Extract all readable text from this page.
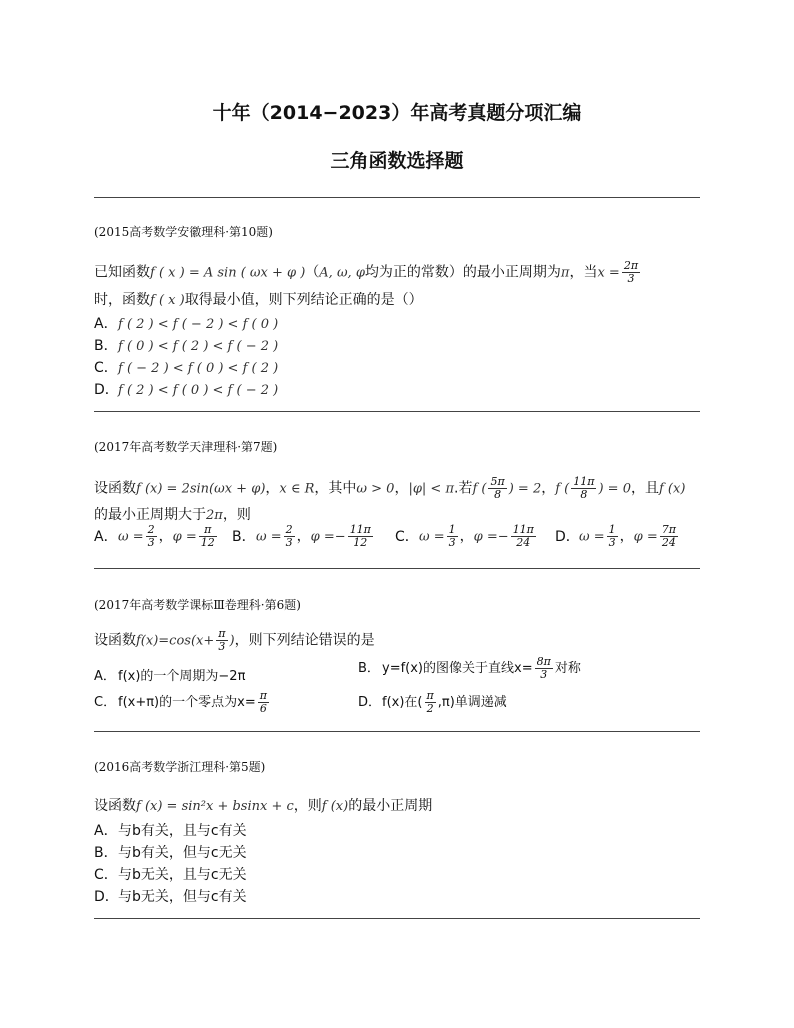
十年（2014−2023）年高考真题分项汇编
三角函数选择题
(2015高考数学安徽理科·第10题)
已知函数f ( x ) = A sin ( ωx + φ )（A, ω, φ均为正的常数）的最小正周期为π，当$x = \frac{2\pi}{3}$
时，函数f ( x )取得最小值，则下列结论正确的是（）
A．f ( 2 ) < f ( − 2 ) < f ( 0 )
B．f ( 0 ) < f ( 2 ) < f ( − 2 )
C．f ( − 2 ) < f ( 0 ) < f ( 2 )
D．f ( 2 ) < f ( 0 ) < f ( − 2 )
(2017年高考数学天津理科·第7题)
设函数f (x) = 2sin(ωx + φ)，x ∈ R，其中ω > 0，|φ| < π.若f ( $\frac{5\pi}{8}$ ) = 2，f ( $\frac{11\pi}{8}$ ) = 0，且f (x)
的最小正周期大于2π，则
A．$\omega = \frac{2}{3}$ ，$\varphi = \frac{\pi}{12}$ B．$\omega = \frac{2}{3}$ ，$\varphi =- \frac{11\pi}{12}$ C．$\omega = \frac{1}{3}$ ，$\varphi =- \frac{11\pi}{24}$ D．$\omega = \frac{1}{3}$ ，$\varphi = \frac{7\pi}{24}$
(2017年高考数学课标Ⅲ卷理科·第6题)
设函数$f(x)=\cos(x+ \frac{\pi}{3}$ )，则下列结论错误的是
A． f(x)的一个周期为−2π
B． y=f(x)的图像关于直线$x= \frac{8\pi}{3}$ 对称
C． f(x+π)的一个零点为$x= \frac{\pi}{6}$	D．f(x)在( $\frac{\pi}{2} ,\pi$)单调递减
(2016高考数学浙江理科·第5题)
设函数f (x) = sin²x + bsinx + c，则f (x)的最小正周期
A．与b有关，且与c有关
B．与b有关，但与c无关
C．与b无关，且与c无关
D．与b无关，但与c有关
